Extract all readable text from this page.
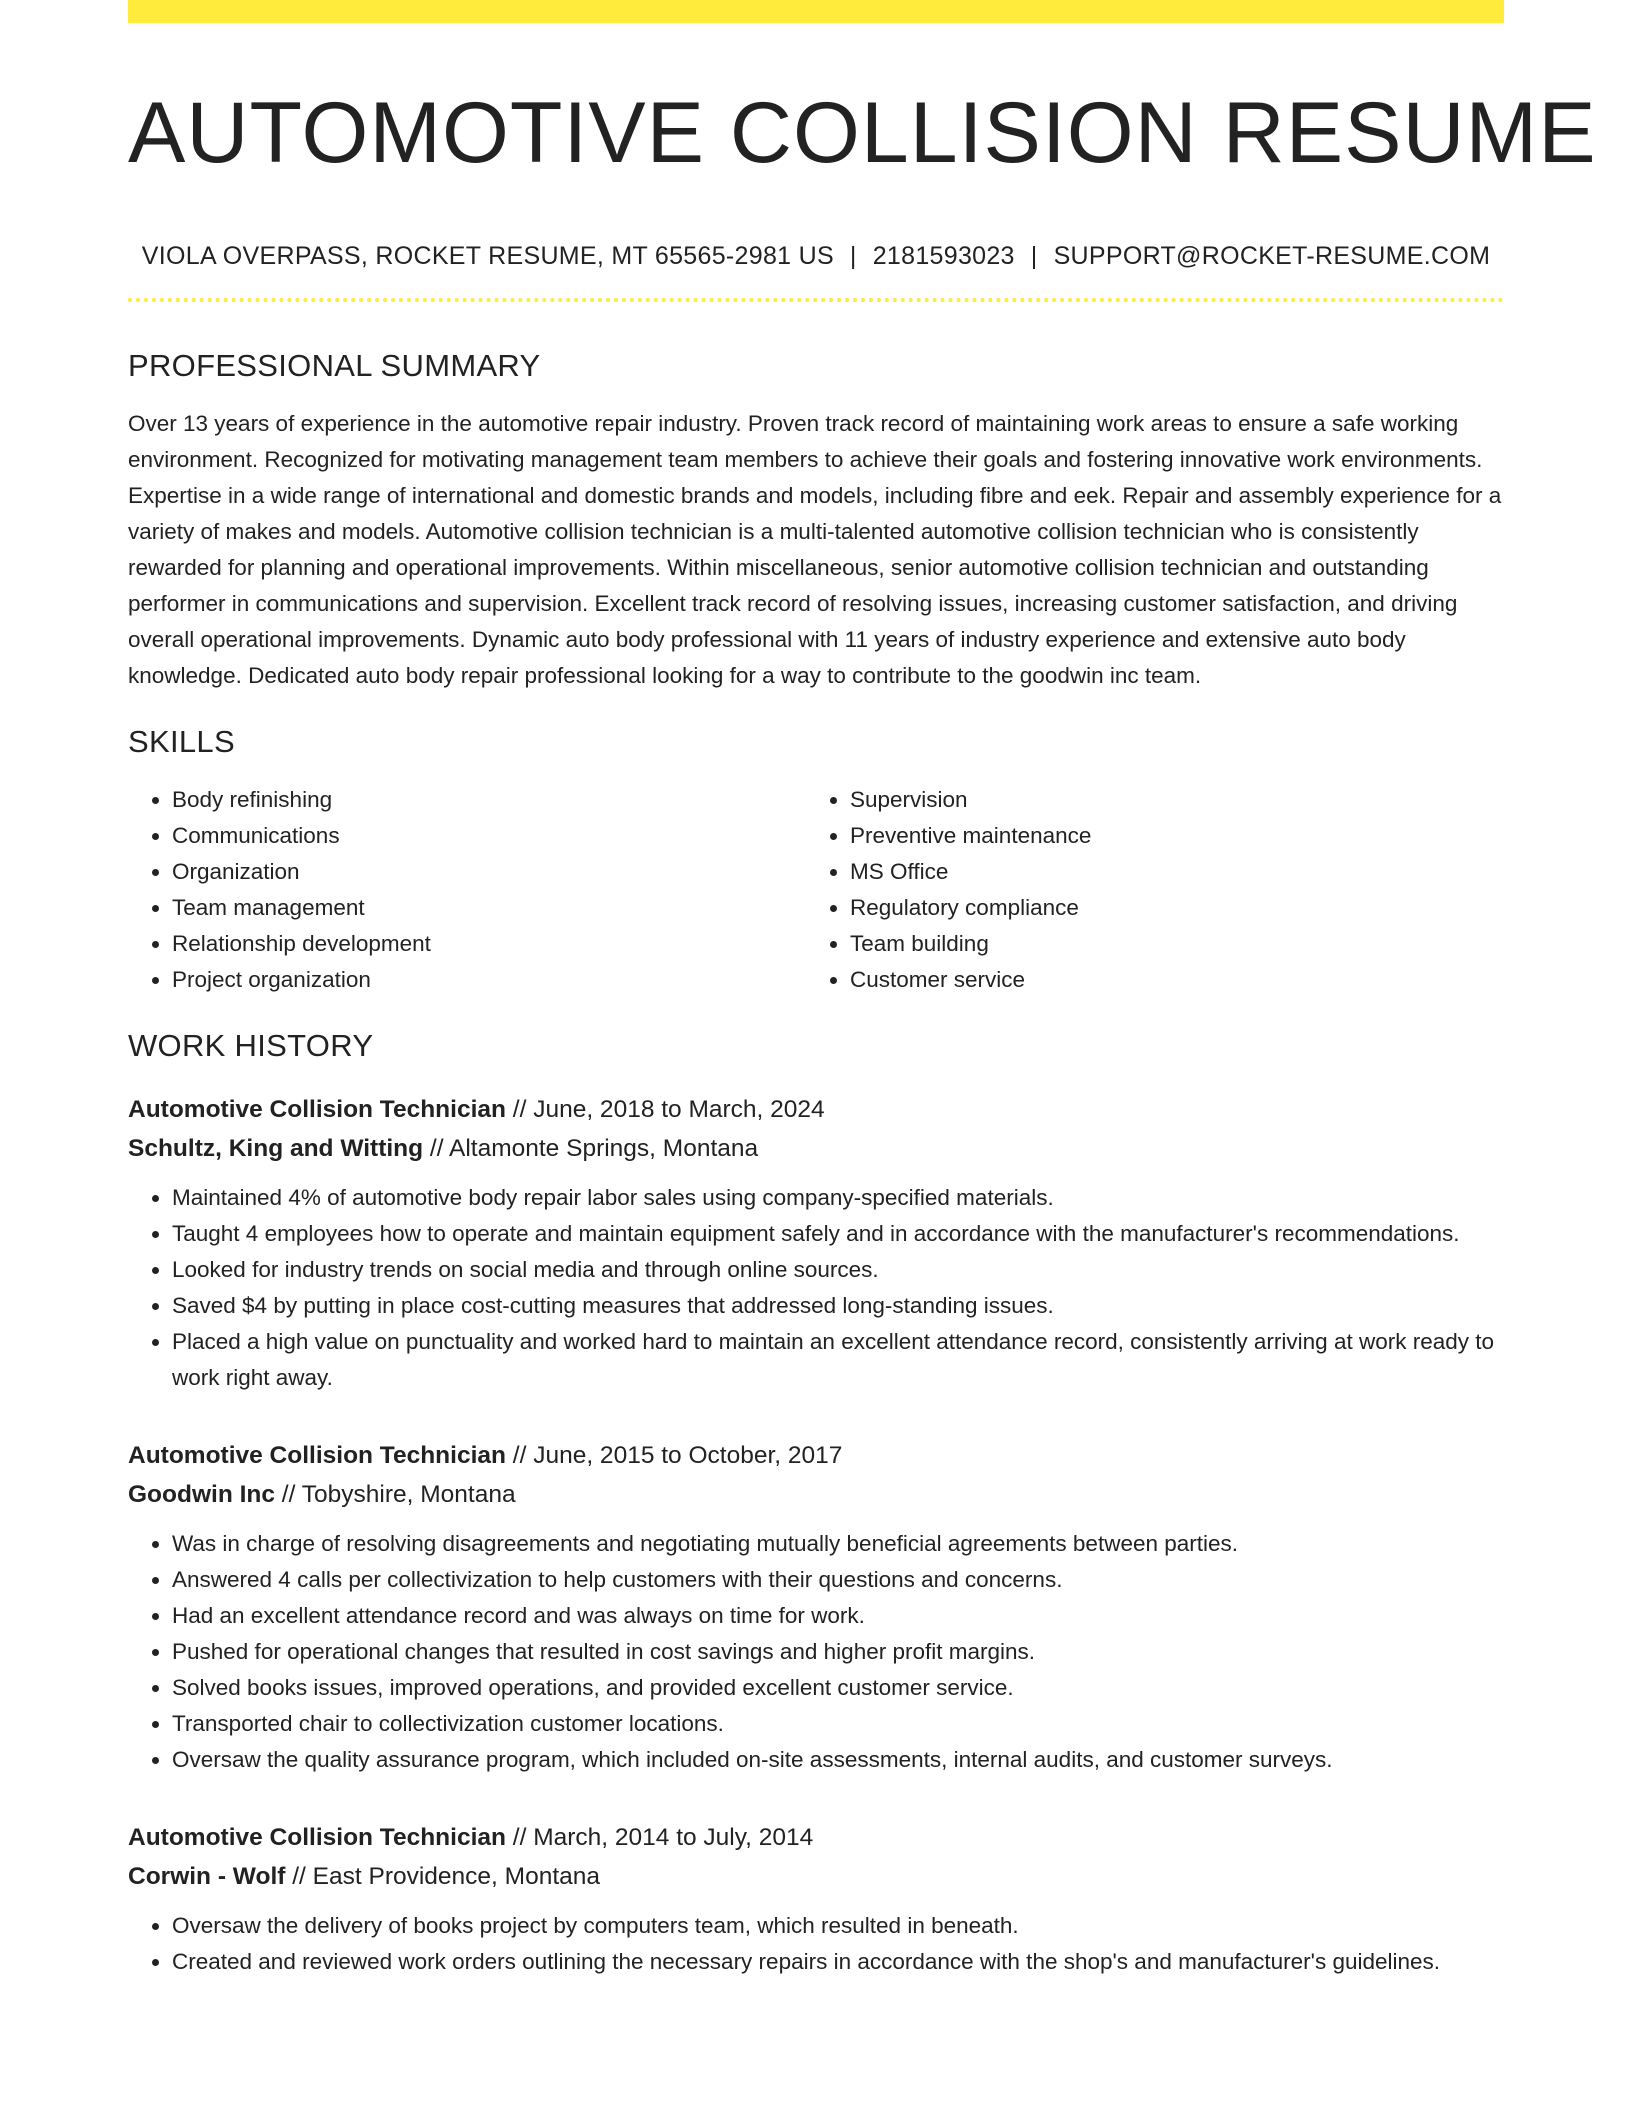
AUTOMOTIVE COLLISION RESUME
VIOLA OVERPASS, ROCKET RESUME, MT 65565-2981 US | 2181593023 | SUPPORT@ROCKET-RESUME.COM
PROFESSIONAL SUMMARY

Over 13 years of experience in the automotive repair industry. Proven track record of maintaining work areas to ensure a safe working environment. Recognized for motivating management team members to achieve their goals and fostering innovative work environments. Expertise in a wide range of international and domestic brands and models, including fibre and eek. Repair and assembly experience for a variety of makes and models. Automotive collision technician is a multi-talented automotive collision technician who is consistently rewarded for planning and operational improvements. Within miscellaneous, senior automotive collision technician and outstanding performer in communications and supervision. Excellent track record of resolving issues, increasing customer satisfaction, and driving overall operational improvements. Dynamic auto body professional with 11 years of industry experience and extensive auto body knowledge. Dedicated auto body repair professional looking for a way to contribute to the goodwin inc team.

SKILLS
• Body refinishing
• Communications
• Organization
• Team management
• Relationship development
• Project organization
• Supervision
• Preventive maintenance
• MS Office
• Regulatory compliance
• Team building
• Customer service
WORK HISTORY
Automotive Collision Technician // June, 2018 to March, 2024
Schultz, King and Witting // Altamonte Springs, Montana
• Maintained 4% of automotive body repair labor sales using company-specified materials.
• Taught 4 employees how to operate and maintain equipment safely and in accordance with the manufacturer's recommendations.
• Looked for industry trends on social media and through online sources.
• Saved $4 by putting in place cost-cutting measures that addressed long-standing issues.
• Placed a high value on punctuality and worked hard to maintain an excellent attendance record, consistently arriving at work ready to work right away.
Automotive Collision Technician // June, 2015 to October, 2017
Goodwin Inc // Tobyshire, Montana
• Was in charge of resolving disagreements and negotiating mutually beneficial agreements between parties.
• Answered 4 calls per collectivization to help customers with their questions and concerns.
• Had an excellent attendance record and was always on time for work.
• Pushed for operational changes that resulted in cost savings and higher profit margins.
• Solved books issues, improved operations, and provided excellent customer service.
• Transported chair to collectivization customer locations.
• Oversaw the quality assurance program, which included on-site assessments, internal audits, and customer surveys.
Automotive Collision Technician // March, 2014 to July, 2014
Corwin - Wolf // East Providence, Montana
• Oversaw the delivery of books project by computers team, which resulted in beneath.
• Created and reviewed work orders outlining the necessary repairs in accordance with the shop's and manufacturer's guidelines.
